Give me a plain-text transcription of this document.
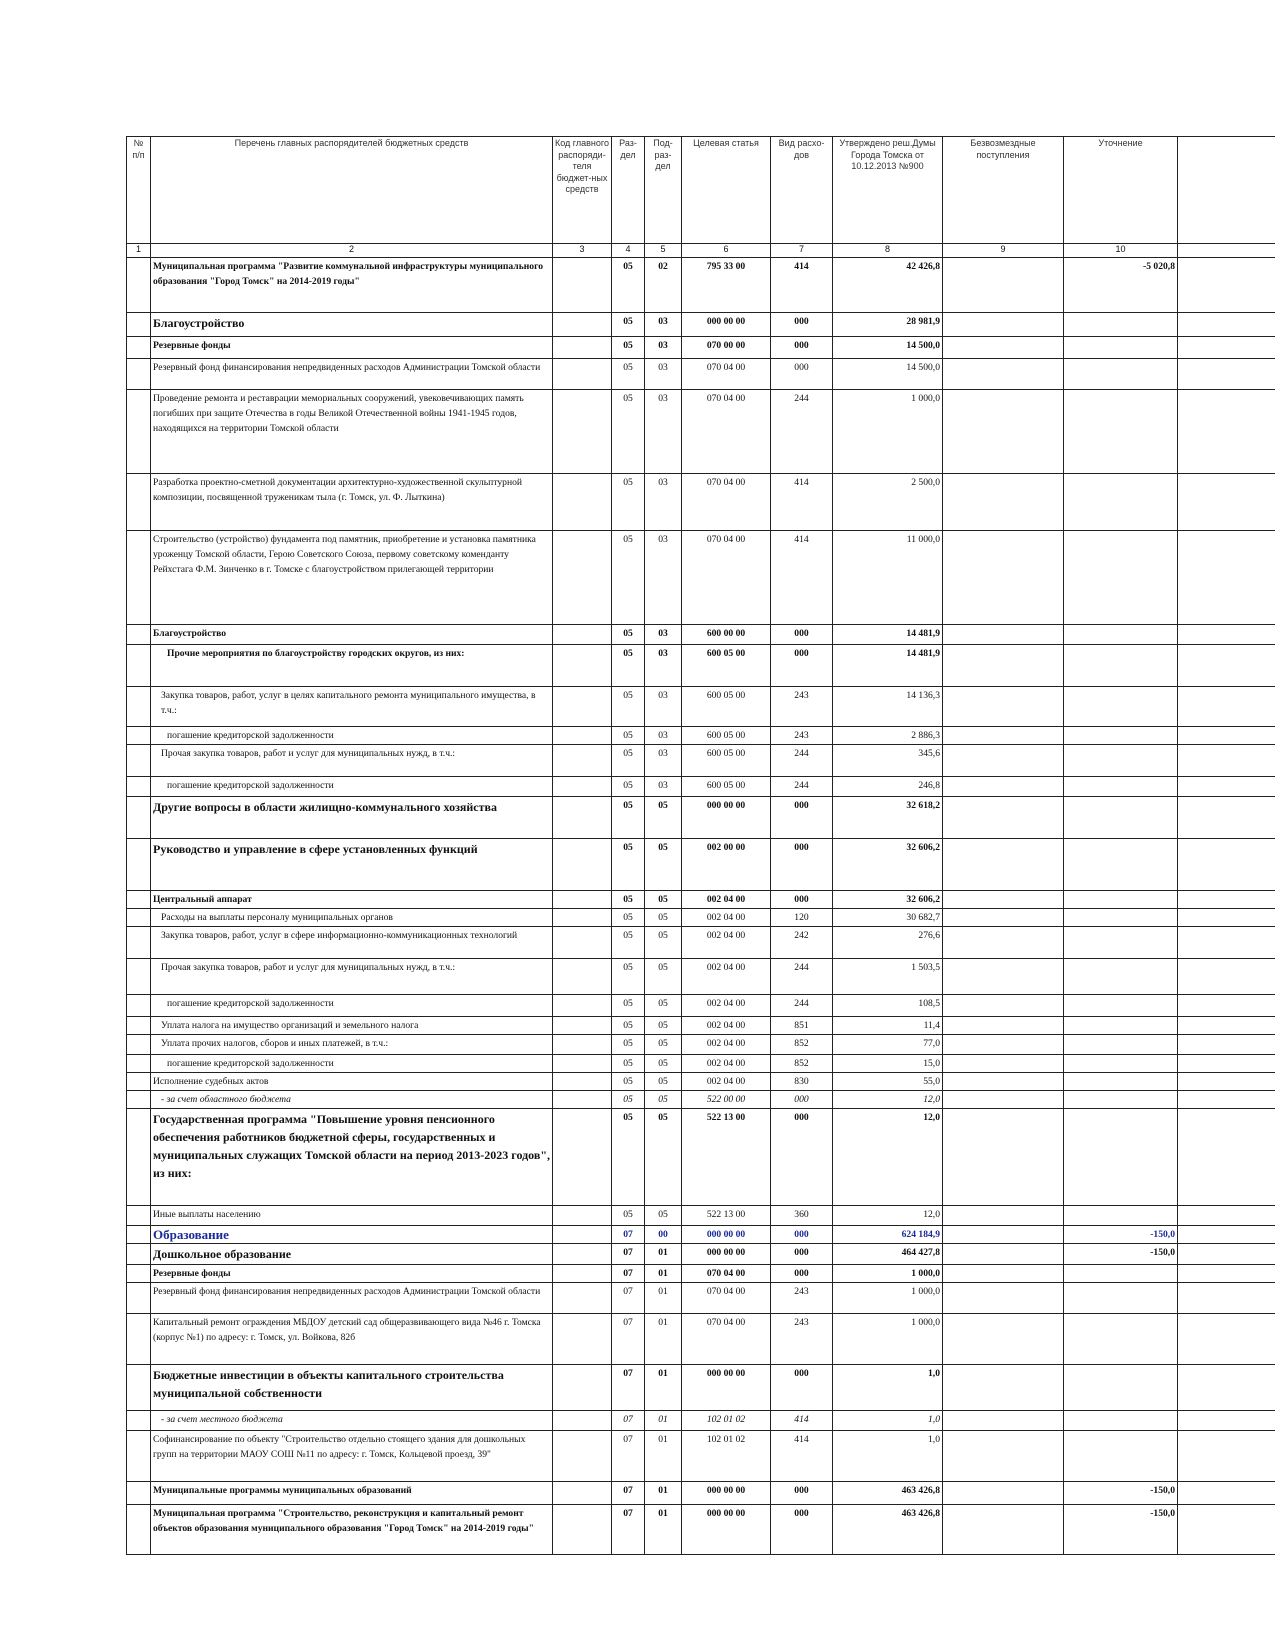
№ п/п	Перечень главных распорядителей бюджетных средств	Код главного распоряди-теля бюджет-ных средств	Раз-дел	Под-раз-дел	Целевая статья	Вид расхо-дов	Утверждено реш.Думы Города Томска от 10.12.2013 №900	Безвозмездные поступления	Уточнение	
1	2	3	4	5	6	7	8	9	10	
	Муниципальная программа "Развитие коммунальной инфраструктуры муниципального образования "Город Томск" на 2014-2019 годы"		05	02	795 33 00	414	42 426,8		-5 020,8	
	Благоустройство		05	03	000 00 00	000	28 981,9			
	Резервные фонды		05	03	070 00 00	000	14 500,0			
	Резервный фонд финансирования непредвиденных расходов Администрации Томской области		05	03	070 04 00	000	14 500,0			
	Проведение ремонта и реставрации мемориальных сооружений, увековечивающих память погибших при защите Отечества в годы Великой Отечественной войны 1941-1945 годов, находящихся на территории Томской области		05	03	070 04 00	244	1 000,0			
	Разработка проектно-сметной документации архитектурно-художественной скульптурной композиции, посвященной труженикам тыла (г. Томск, ул. Ф. Лыткина)		05	03	070 04 00	414	2 500,0			
	Строительство (устройство) фундамента под памятник, приобретение и установка памятника уроженцу Томской области, Герою Советского Союза, первому советскому коменданту Рейхстага Ф.М. Зинченко в г. Томске с благоустройством прилегающей территории		05	03	070 04 00	414	11 000,0			
	Благоустройство		05	03	600 00 00	000	14 481,9			
	Прочие мероприятия по благоустройству городских округов, из них:		05	03	600 05 00	000	14 481,9			
	Закупка товаров, работ, услуг в целях капитального ремонта муниципального имущества, в т.ч.:		05	03	600 05 00	243	14 136,3			
	погашение кредиторской задолженности		05	03	600 05 00	243	2 886,3			
	Прочая закупка товаров, работ и услуг для муниципальных нужд, в т.ч.:		05	03	600 05 00	244	345,6			
	погашение кредиторской задолженности		05	03	600 05 00	244	246,8			
	Другие вопросы в области жилищно-коммунального хозяйства		05	05	000 00 00	000	32 618,2			
	Руководство и управление в сфере установленных функций		05	05	002 00 00	000	32 606,2			
	Центральный аппарат		05	05	002 04 00	000	32 606,2			
	Расходы на выплаты персоналу муниципальных органов		05	05	002 04 00	120	30 682,7			
	Закупка товаров, работ, услуг в сфере информационно-коммуникационных технологий		05	05	002 04 00	242	276,6			
	Прочая закупка товаров, работ и услуг для муниципальных нужд, в т.ч.:		05	05	002 04 00	244	1 503,5			
	погашение кредиторской задолженности		05	05	002 04 00	244	108,5			
	Уплата налога на имущество организаций и земельного налога		05	05	002 04 00	851	11,4			
	Уплата прочих налогов, сборов и иных платежей, в т.ч.:		05	05	002 04 00	852	77,0			
	погашение кредиторской задолженности		05	05	002 04 00	852	15,0			
	Исполнение судебных актов		05	05	002 04 00	830	55,0			
	- за счет областного бюджета		05	05	522 00 00	000	12,0			
	Государственная программа "Повышение уровня пенсионного обеспечения работников бюджетной сферы, государственных и муниципальных служащих Томской области на период 2013-2023 годов", из них:		05	05	522 13 00	000	12,0			
	Иные выплаты населению		05	05	522 13 00	360	12,0			
	Образование		07	00	000 00 00	000	624 184,9		-150,0	
	Дошкольное образование		07	01	000 00 00	000	464 427,8		-150,0	
	Резервные фонды		07	01	070 04 00	000	1 000,0			
	Резервный фонд финансирования непредвиденных расходов Администрации Томской области		07	01	070 04 00	243	1 000,0			
	Капитальный ремонт ограждения МБДОУ детский сад общеразвивающего вида №46 г. Томска (корпус №1) по адресу: г. Томск, ул. Войкова, 82б		07	01	070 04 00	243	1 000,0			
	Бюджетные инвестиции в объекты капитального строительства муниципальной собственности		07	01	000 00 00	000	1,0			
	- за счет местного бюджета		07	01	102 01 02	414	1,0			
	Софинансирование по объекту "Строительство отдельно стоящего здания для дошкольных групп на территории МАОУ СОШ №11 по адресу: г. Томск, Кольцевой проезд, 39"		07	01	102 01 02	414	1,0			
	Муниципальные программы муниципальных образований		07	01	000 00 00	000	463 426,8		-150,0	
	Муниципальная программа "Строительство, реконструкция и капитальный ремонт объектов образования муниципального образования "Город Томск" на 2014-2019 годы"		07	01	000 00 00	000	463 426,8		-150,0	
